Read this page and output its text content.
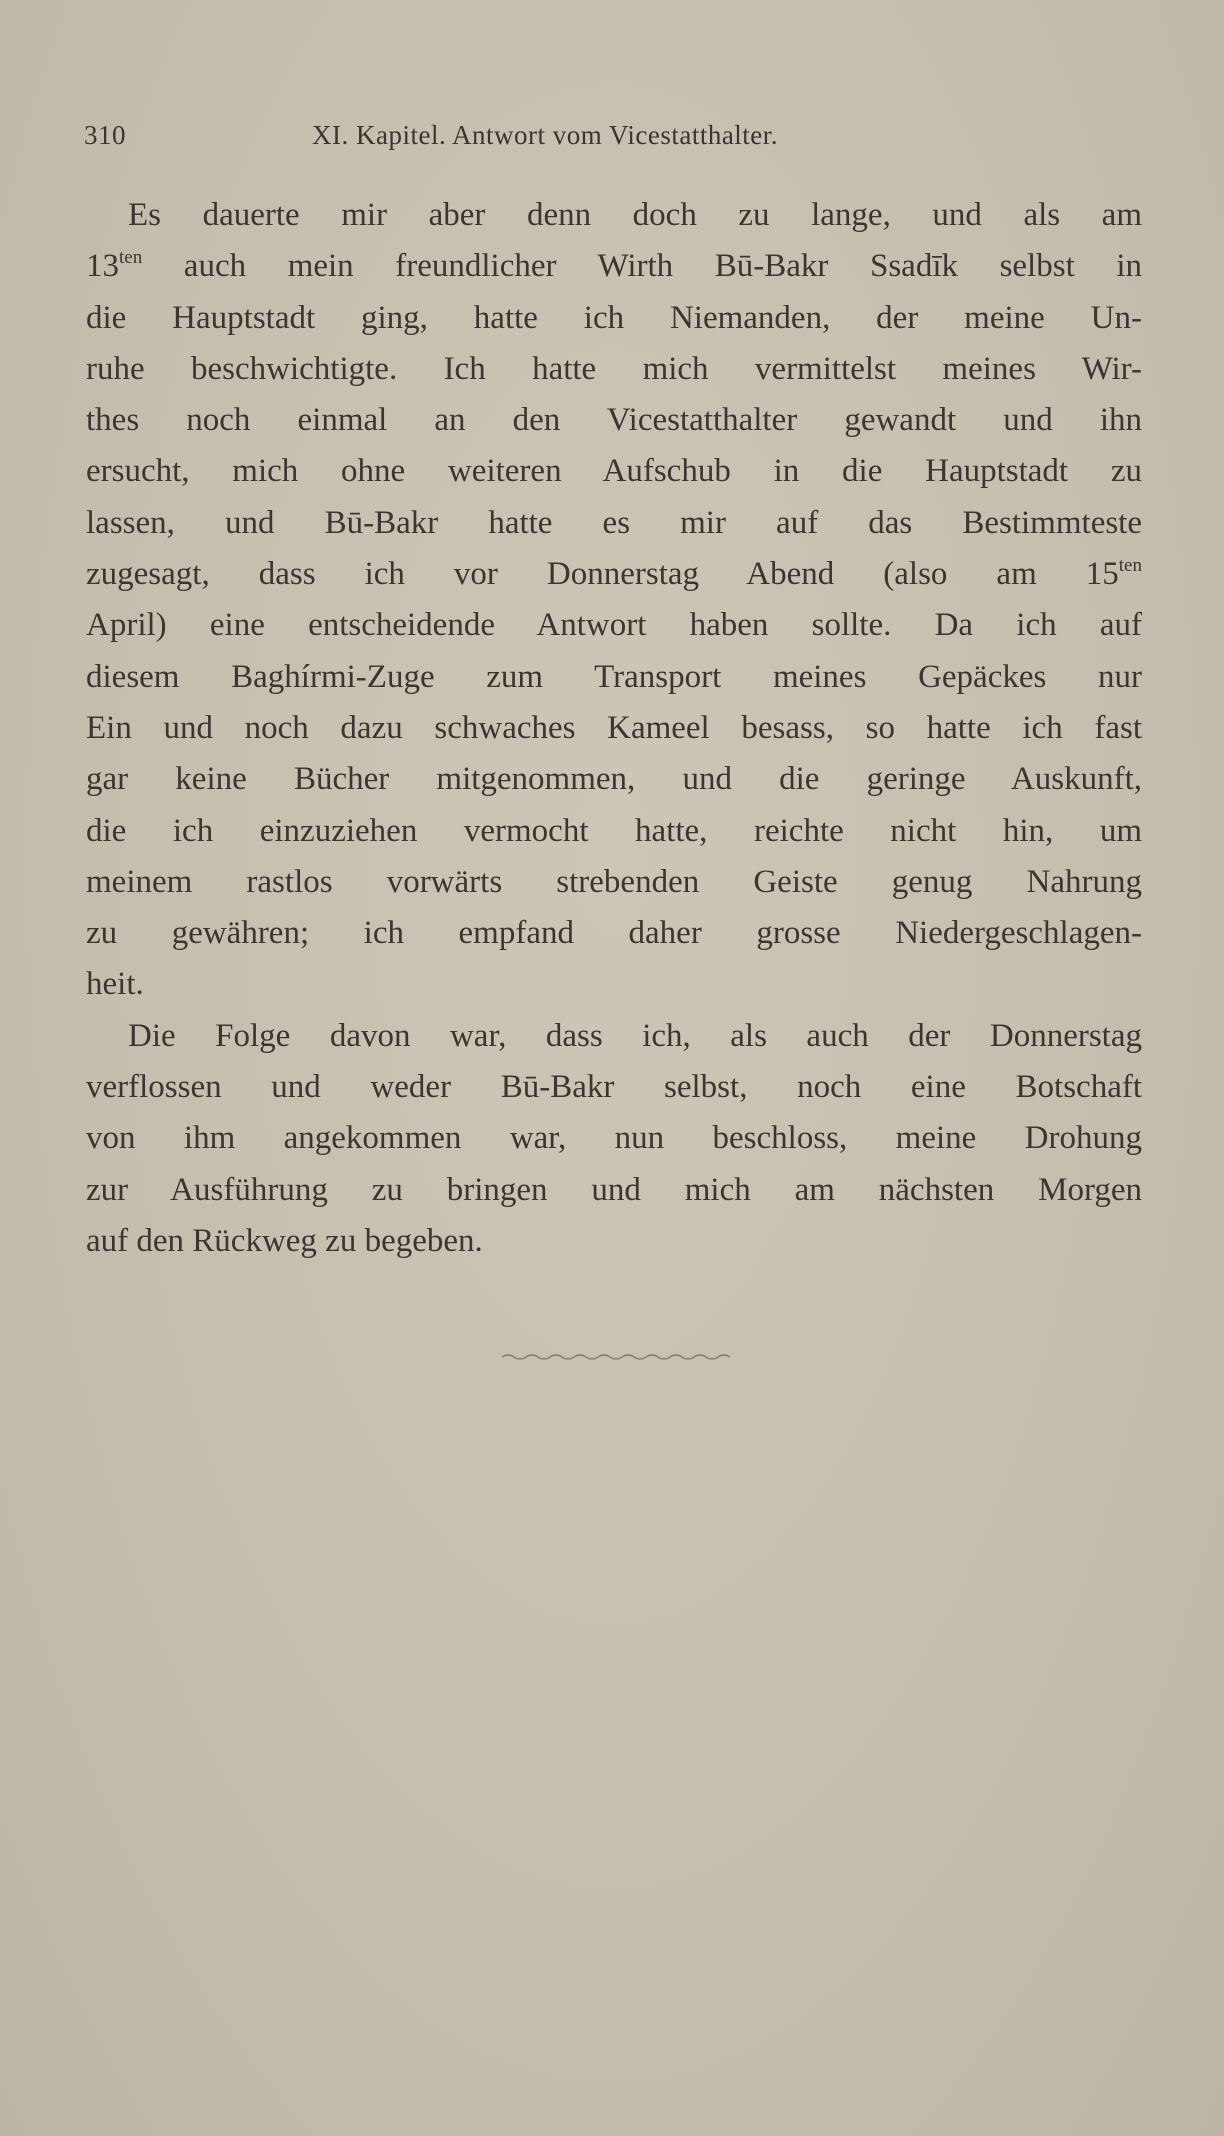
310	XI. Kapitel. Antwort vom Vicestatthalter.
Es dauerte mir aber denn doch zu lange, und als am
$13^{ten}$ auch mein freundlicher Wirth Bū-Bakr Ssadīk selbst in
die Hauptstadt ging, hatte ich Niemanden, der meine Un-
ruhe beschwichtigte. Ich hatte mich vermittelst meines Wir-
thes noch einmal an den Vicestatthalter gewandt und ihn
ersucht, mich ohne weiteren Aufschub in die Hauptstadt zu
lassen, und Bū-Bakr hatte es mir auf das Bestimmteste
zugesagt, dass ich vor Donnerstag Abend (also am $15^{ten}$
April) eine entscheidende Antwort haben sollte. Da ich auf
diesem Baghírmi-Zuge zum Transport meines Gepäckes nur
Ein und noch dazu schwaches Kameel besass, so hatte ich fast
gar keine Bücher mitgenommen, und die geringe Auskunft,
die ich einzuziehen vermocht hatte, reichte nicht hin, um
meinem rastlos vorwärts strebenden Geiste genug Nahrung
zu gewähren; ich empfand daher grosse Niedergeschlagen-
heit.
Die Folge davon war, dass ich, als auch der Donnerstag
verflossen und weder Bū-Bakr selbst, noch eine Botschaft
von ihm angekommen war, nun beschloss, meine Drohung
zur Ausführung zu bringen und mich am nächsten Morgen
auf den Rückweg zu begeben.
